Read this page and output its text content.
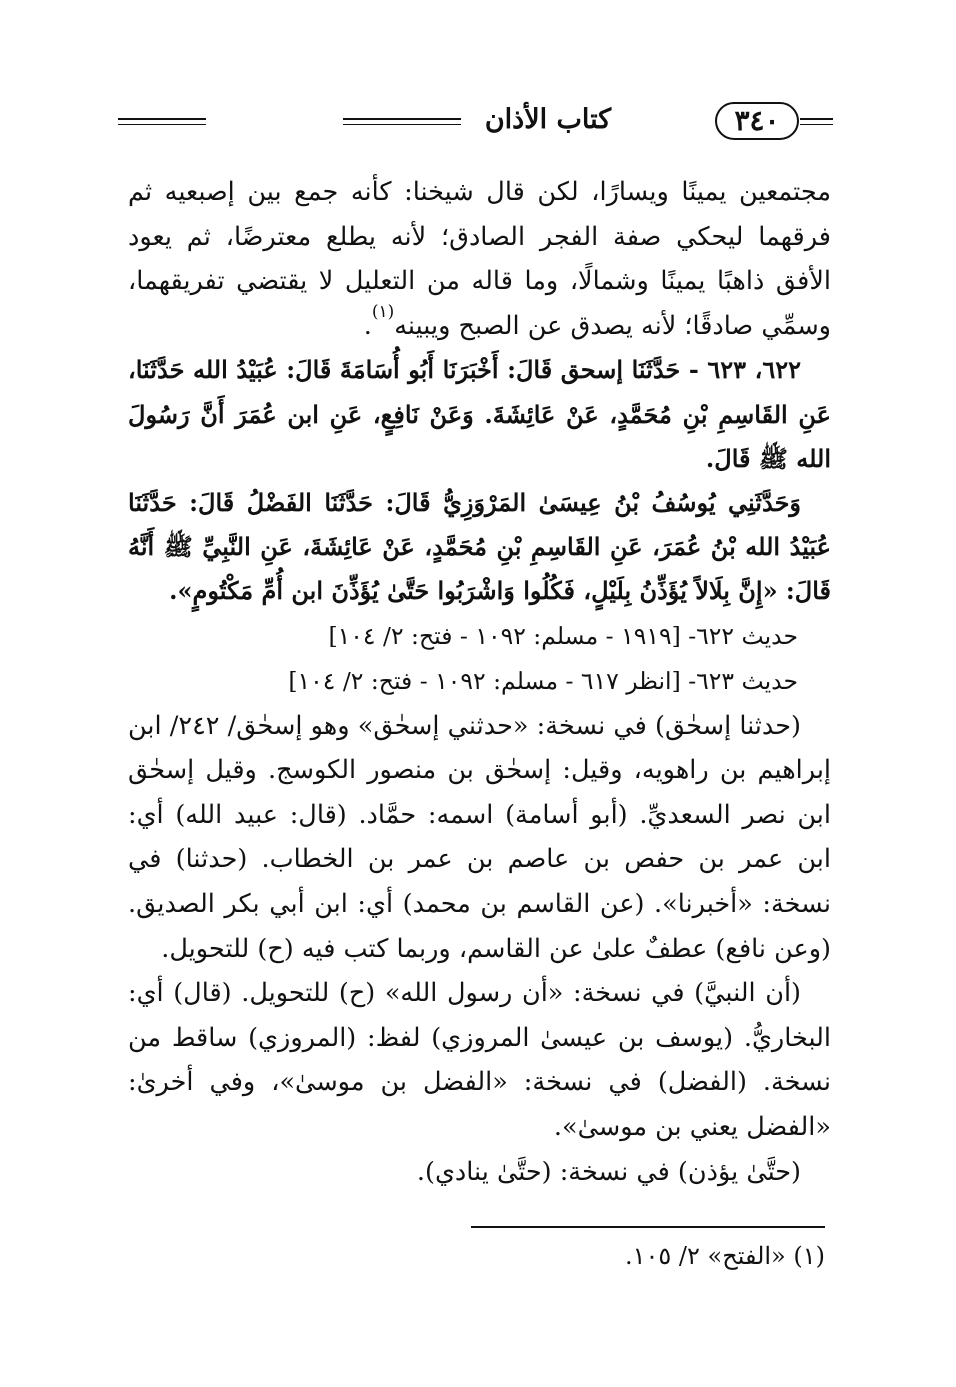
كتاب الأذان	٣٤٠

مجتمعين يمينًا ويسارًا، لكن قال شيخنا: كأنه جمع بين إصبعيه ثم فرقهما ليحكي صفة الفجر الصادق؛ لأنه يطلع معترضًا، ثم يعود الأفق ذاهبًا يمينًا وشمالًا، وما قاله من التعليل لا يقتضي تفريقهما، وسمِّي صادقًا؛ لأنه يصدق عن الصبح ويبينه$^{(١)}$.

٦٢٢، ٦٢٣ - حَدَّثَنَا إسحق قَالَ: أَخْبَرَنَا أَبُو أُسَامَةَ قَالَ: عُبَيْدُ الله حَدَّثَنَا، عَنِ القَاسِمِ بْنِ مُحَمَّدٍ، عَنْ عَائِشَةَ. وَعَنْ نَافِعٍ، عَنِ ابن عُمَرَ أَنَّ رَسُولَ الله ﷺ قَالَ.

وَحَدَّثَنِي يُوسُفُ بْنُ عِيسَىٰ المَرْوَزِيُّ قَالَ: حَدَّثَنَا الفَضْلُ قَالَ: حَدَّثَنَا عُبَيْدُ الله بْنُ عُمَرَ، عَنِ القَاسِمِ بْنِ مُحَمَّدٍ، عَنْ عَائِشَةَ، عَنِ النَّبِيِّ ﷺ أَنَّهُ قَالَ: «إِنَّ بِلَالاً يُؤَذِّنُ بِلَيْلٍ، فَكُلُوا وَاشْرَبُوا حَتَّىٰ يُؤَذِّنَ ابن أُمِّ مَكْتُومٍ».

حديث ٦٢٢- [١٩١٩ - مسلم: ١٠٩٢ - فتح: ٢/ ١٠٤]

حديث ٦٢٣- [انظر ٦١٧ - مسلم: ١٠٩٢ - فتح: ٢/ ١٠٤]

(حدثنا إسحٰق) في نسخة: «حدثني إسحٰق» وهو إسحٰق/ ٢٤٢/ ابن إبراهيم بن راهويه، وقيل: إسحٰق بن منصور الكوسج. وقيل إسحٰق ابن نصر السعديِّ. (أبو أسامة) اسمه: حمَّاد. (قال: عبيد الله) أي: ابن عمر بن حفص بن عاصم بن عمر بن الخطاب. (حدثنا) في نسخة: «أخبرنا». (عن القاسم بن محمد) أي: ابن أبي بكر الصديق. (وعن نافع) عطفٌ علىٰ عن القاسم، وربما كتب فيه (ح) للتحويل.

(أن النبيَّ) في نسخة: «أن رسول الله» (ح) للتحويل. (قال) أي: البخاريُّ. (يوسف بن عيسىٰ المروزي) لفظ: (المروزي) ساقط من نسخة. (الفضل) في نسخة: «الفضل بن موسىٰ»، وفي أخرىٰ: «الفضل يعني بن موسىٰ».

(حتَّىٰ يؤذن) في نسخة: (حتَّىٰ ينادي).

(١) «الفتح» ٢/ ١٠٥.
